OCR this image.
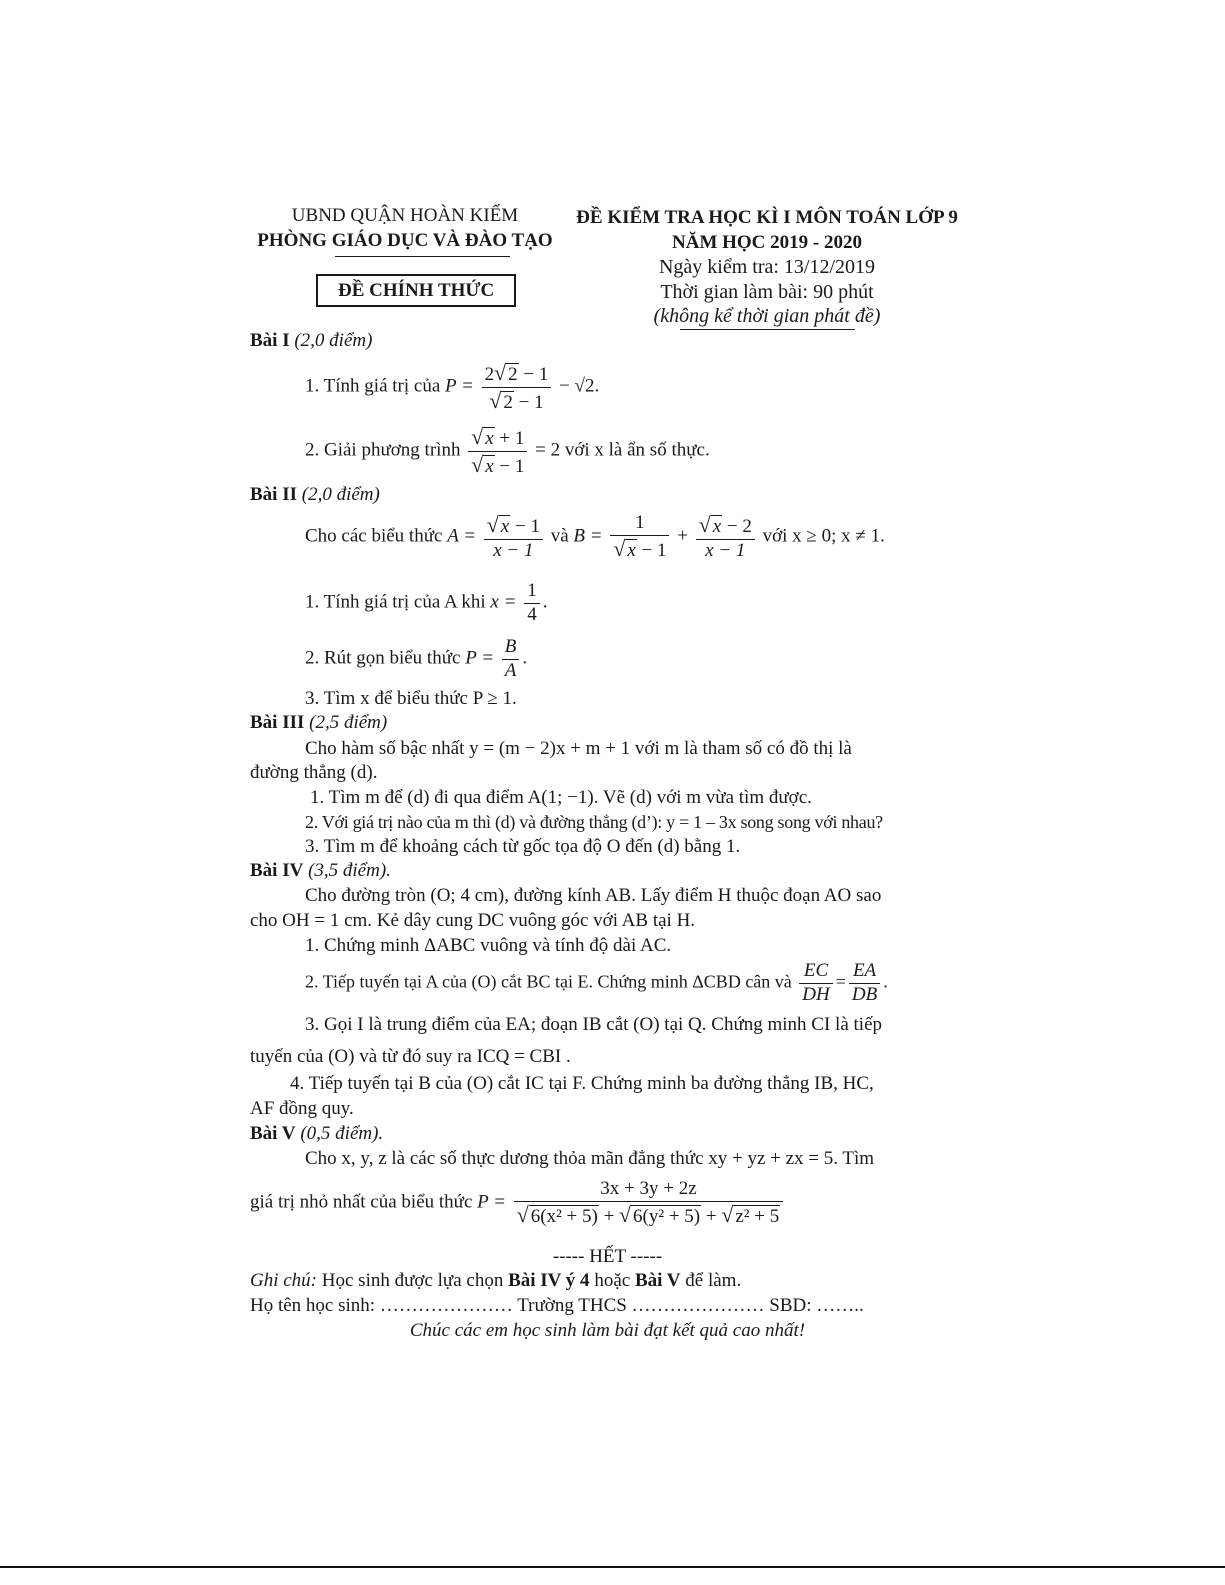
UBND QUẬN HOÀN KIẾM
PHÒNG GIÁO DỤC VÀ ĐÀO TẠO
ĐỀ CHÍNH THỨC
ĐỀ KIỂM TRA HỌC KÌ I MÔN TOÁN LỚP 9
NĂM HỌC 2019 - 2020
Ngày kiểm tra: 13/12/2019
Thời gian làm bài: 90 phút
(không kể thời gian phát đề)
Bài I (2,0 điểm)
1. Tính giá trị của $P = \frac{2√ 2 - 1}{√ 2 - 1} - √2$.
2. Giải phương trình $\frac{√ x + 1}{√ x - 1} = 2$ với x là ẩn số thực.
Bài II (2,0 điểm)
Cho các biểu thức $A = \frac{√ x - 1}{x - 1}$ và $B = \frac{1}{√ x - 1} + \frac{√ x - 2}{x - 1}$ với x ≥ 0; x ≠ 1.
1. Tính giá trị của A khi $x = \frac{1}{4}$ .
2. Rút gọn biểu thức $P = \frac{B}{A}$ .
3. Tìm x để biểu thức P ≥ 1.
Bài III (2,5 điểm)
Cho hàm số bậc nhất y = (m − 2)x + m + 1 với m là tham số có đồ thị là
đường thẳng (d).
1. Tìm m để (d) đi qua điểm A(1; −1). Vẽ (d) với m vừa tìm được.
2. Với giá trị nào của m thì (d) và đường thẳng (d’): y = 1 – 3x song song với nhau?
3. Tìm m để khoảng cách từ gốc tọa độ O đến (d) bằng 1.
Bài IV (3,5 điểm).
Cho đường tròn (O; 4 cm), đường kính AB. Lấy điểm H thuộc đoạn AO sao
cho OH = 1 cm. Kẻ dây cung DC vuông góc với AB tại H.
1. Chứng minh ΔABC vuông và tính độ dài AC.
2. Tiếp tuyến tại A của (O) cắt BC tại E. Chứng minh ΔCBD cân và $\frac{EC}{DH} = \frac{EA}{DB}$ .
3. Gọi I là trung điểm của EA; đoạn IB cắt (O) tại Q. Chứng minh CI là tiếp
tuyến của (O) và từ đó suy ra ICQ = CBI .
4. Tiếp tuyến tại B của (O) cắt IC tại F. Chứng minh ba đường thẳng IB, HC,
AF đồng quy.
Bài V (0,5 điểm).
Cho x, y, z là các số thực dương thỏa mãn đẳng thức xy + yz + zx = 5. Tìm
giá trị nhỏ nhất của biểu thức $P = \frac{3x + 3y + 2z}{\text{√ 6(x² + 5) + √ 6(y² + 5) + √ z² + 5}}$
----- HẾT -----
Ghi chú: Học sinh được lựa chọn Bài IV ý 4 hoặc Bài V để làm.
Họ tên học sinh: ………………… Trường THCS ………………… SBD: ……..
Chúc các em học sinh làm bài đạt kết quả cao nhất!
